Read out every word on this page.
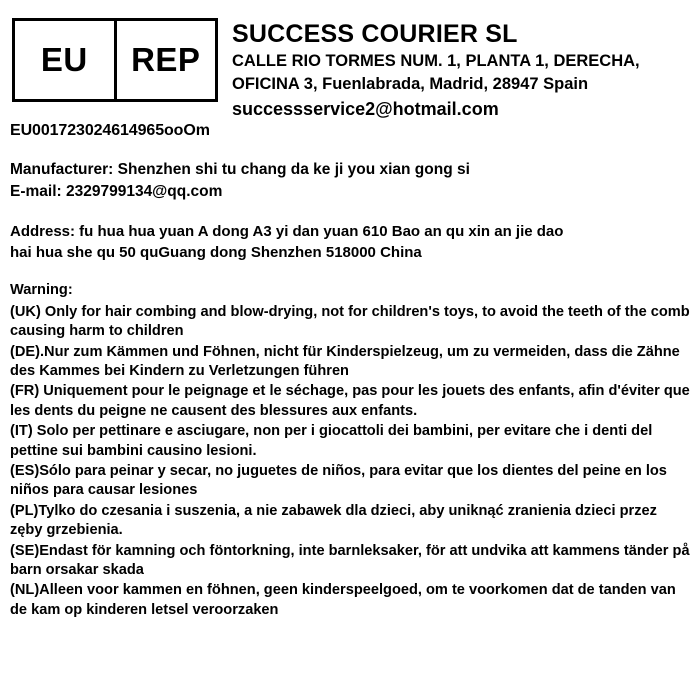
EU	REP
SUCCESS COURIER SL
CALLE RIO TORMES NUM. 1, PLANTA 1, DERECHA,
OFICINA 3, Fuenlabrada, Madrid, 28947 Spain
successservice2@hotmail.com
EU001723024614965ooOm
Manufacturer: Shenzhen shi tu chang da ke ji you xian gong si
E-mail: 2329799134@qq.com
Address: fu hua hua yuan A dong A3 yi dan yuan 610 Bao an qu xin an jie dao
hai hua she qu 50 quGuang dong Shenzhen 518000 China
Warning:
(UK) Only for hair combing and blow-drying, not for children's toys, to avoid the teeth of the comb causing harm to children
(DE).Nur zum Kämmen und Föhnen, nicht für Kinderspielzeug, um zu vermeiden, dass die Zähne des Kammes bei Kindern zu Verletzungen führen
(FR) Uniquement pour le peignage et le séchage, pas pour les jouets des enfants, afin d'éviter que les dents du peigne ne causent des blessures aux enfants.
(IT) Solo per pettinare e asciugare, non per i giocattoli dei bambini, per evitare che i denti del pettine sui bambini causino lesioni.
(ES)Sólo para peinar y secar, no juguetes de niños, para evitar que los dientes del peine en los niños para causar lesiones
(PL)Tylko do czesania i suszenia, a nie zabawek dla dzieci, aby uniknąć zranienia dzieci przez zęby grzebienia.
(SE)Endast för kamning och föntorkning, inte barnleksaker, för att undvika att kammens tänder på barn orsakar skada
(NL)Alleen voor kammen en föhnen, geen kinderspeelgoed, om te voorkomen dat de tanden van de kam op kinderen letsel veroorzaken
